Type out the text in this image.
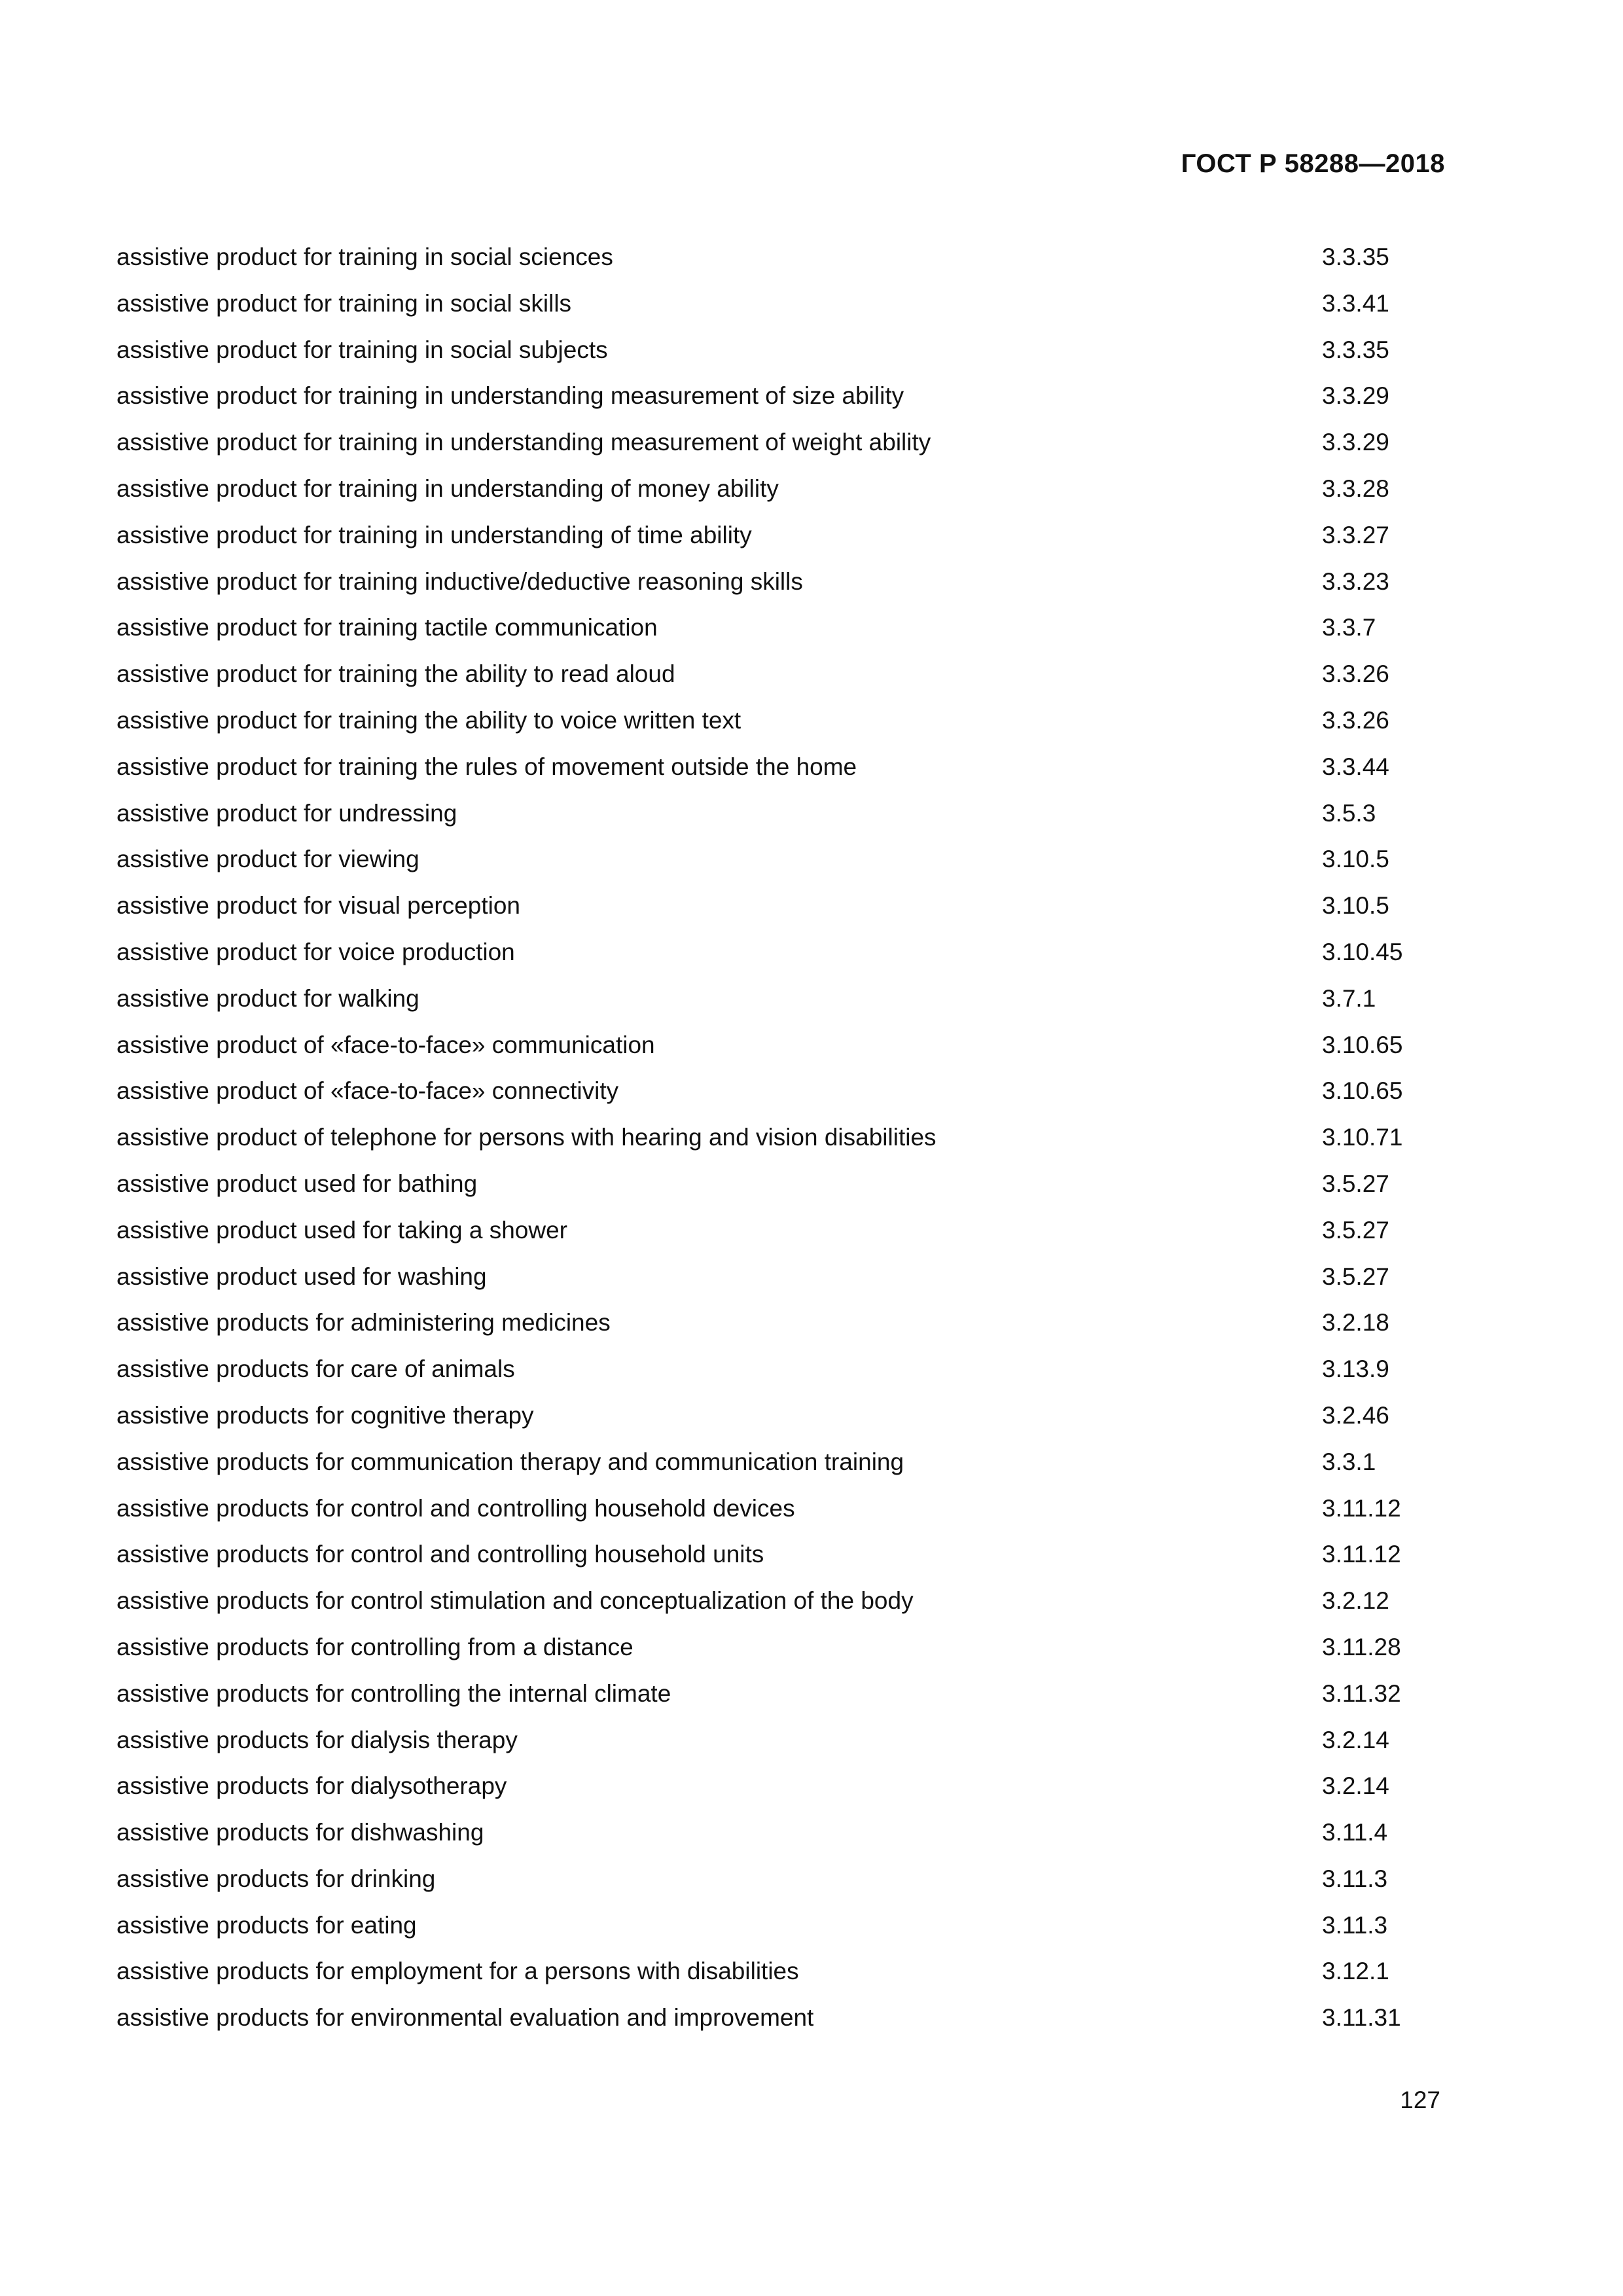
ГОСТ Р 58288—2018
assistive product for training in social sciences	3.3.35
assistive product for training in social skills	3.3.41
assistive product for training in social subjects	3.3.35
assistive product for training in understanding measurement of size ability	3.3.29
assistive product for training in understanding measurement of weight ability	3.3.29
assistive product for training in understanding of money ability	3.3.28
assistive product for training in understanding of time ability	3.3.27
assistive product for training inductive/deductive reasoning skills	3.3.23
assistive product for training tactile communication	3.3.7
assistive product for training the ability to read aloud	3.3.26
assistive product for training the ability to voice written text	3.3.26
assistive product for training the rules of movement outside the home	3.3.44
assistive product for undressing	3.5.3
assistive product for viewing	3.10.5
assistive product for visual perception	3.10.5
assistive product for voice production	3.10.45
assistive product for walking	3.7.1
assistive product of «face-to-face» communication	3.10.65
assistive product of «face-to-face» connectivity	3.10.65
assistive product of telephone for persons with hearing and vision disabilities	3.10.71
assistive product used for bathing	3.5.27
assistive product used for taking a shower	3.5.27
assistive product used for washing	3.5.27
assistive products for administering medicines	3.2.18
assistive products for care of animals	3.13.9
assistive products for cognitive therapy	3.2.46
assistive products for communication therapy and communication training	3.3.1
assistive products for control and controlling household devices	3.11.12
assistive products for control and controlling household units	3.11.12
assistive products for control stimulation and conceptualization of the body	3.2.12
assistive products for controlling from a distance	3.11.28
assistive products for controlling the internal climate	3.11.32
assistive products for dialysis therapy	3.2.14
assistive products for dialysotherapy	3.2.14
assistive products for dishwashing	3.11.4
assistive products for drinking	3.11.3
assistive products for eating	3.11.3
assistive products for employment for a persons with disabilities	3.12.1
assistive products for environmental evaluation and improvement	3.11.31
127
